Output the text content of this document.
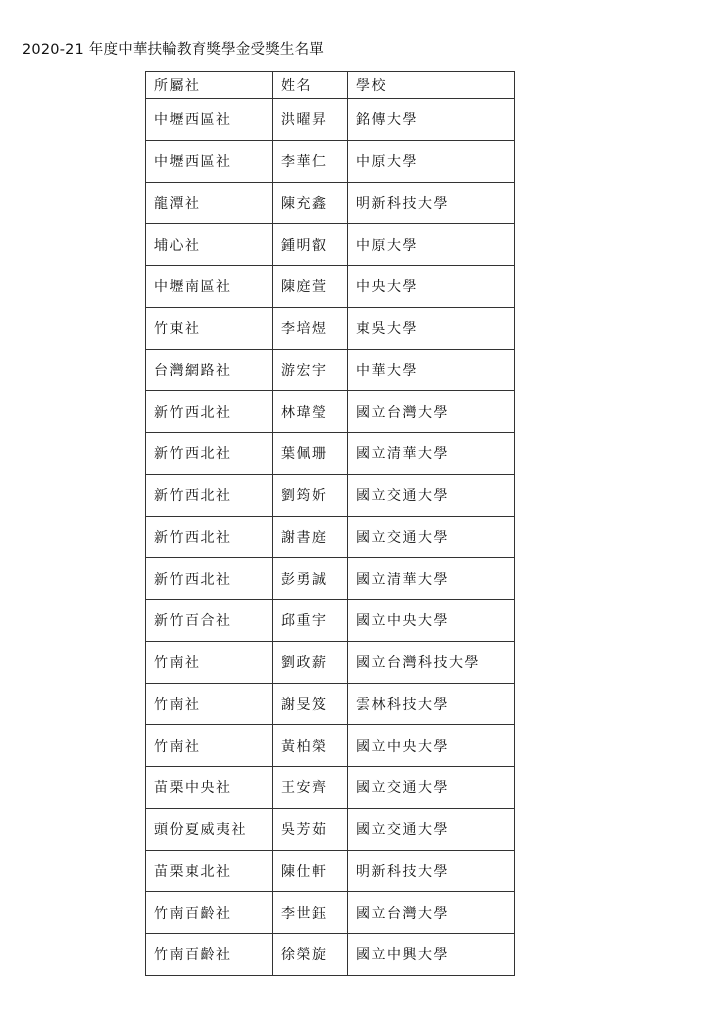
2020-21 年度中華扶輪教育獎學金受獎生名單
所屬社	姓名	學校
中壢西區社	洪曜昇	銘傳大學
中壢西區社	李華仁	中原大學
龍潭社	陳充鑫	明新科技大學
埔心社	鍾明叡	中原大學
中壢南區社	陳庭萱	中央大學
竹東社	李培煜	東吳大學
台灣網路社	游宏宇	中華大學
新竹西北社	林瑋瑩	國立台灣大學
新竹西北社	葉佩珊	國立清華大學
新竹西北社	劉筠妡	國立交通大學
新竹西北社	謝書庭	國立交通大學
新竹西北社	彭勇誠	國立清華大學
新竹百合社	邱重宇	國立中央大學
竹南社	劉政薪	國立台灣科技大學
竹南社	謝旻笈	雲林科技大學
竹南社	黃柏榮	國立中央大學
苗栗中央社	王安齊	國立交通大學
頭份夏威夷社	吳芳茹	國立交通大學
苗栗東北社	陳仕軒	明新科技大學
竹南百齡社	李世鈺	國立台灣大學
竹南百齡社	徐榮旋	國立中興大學
